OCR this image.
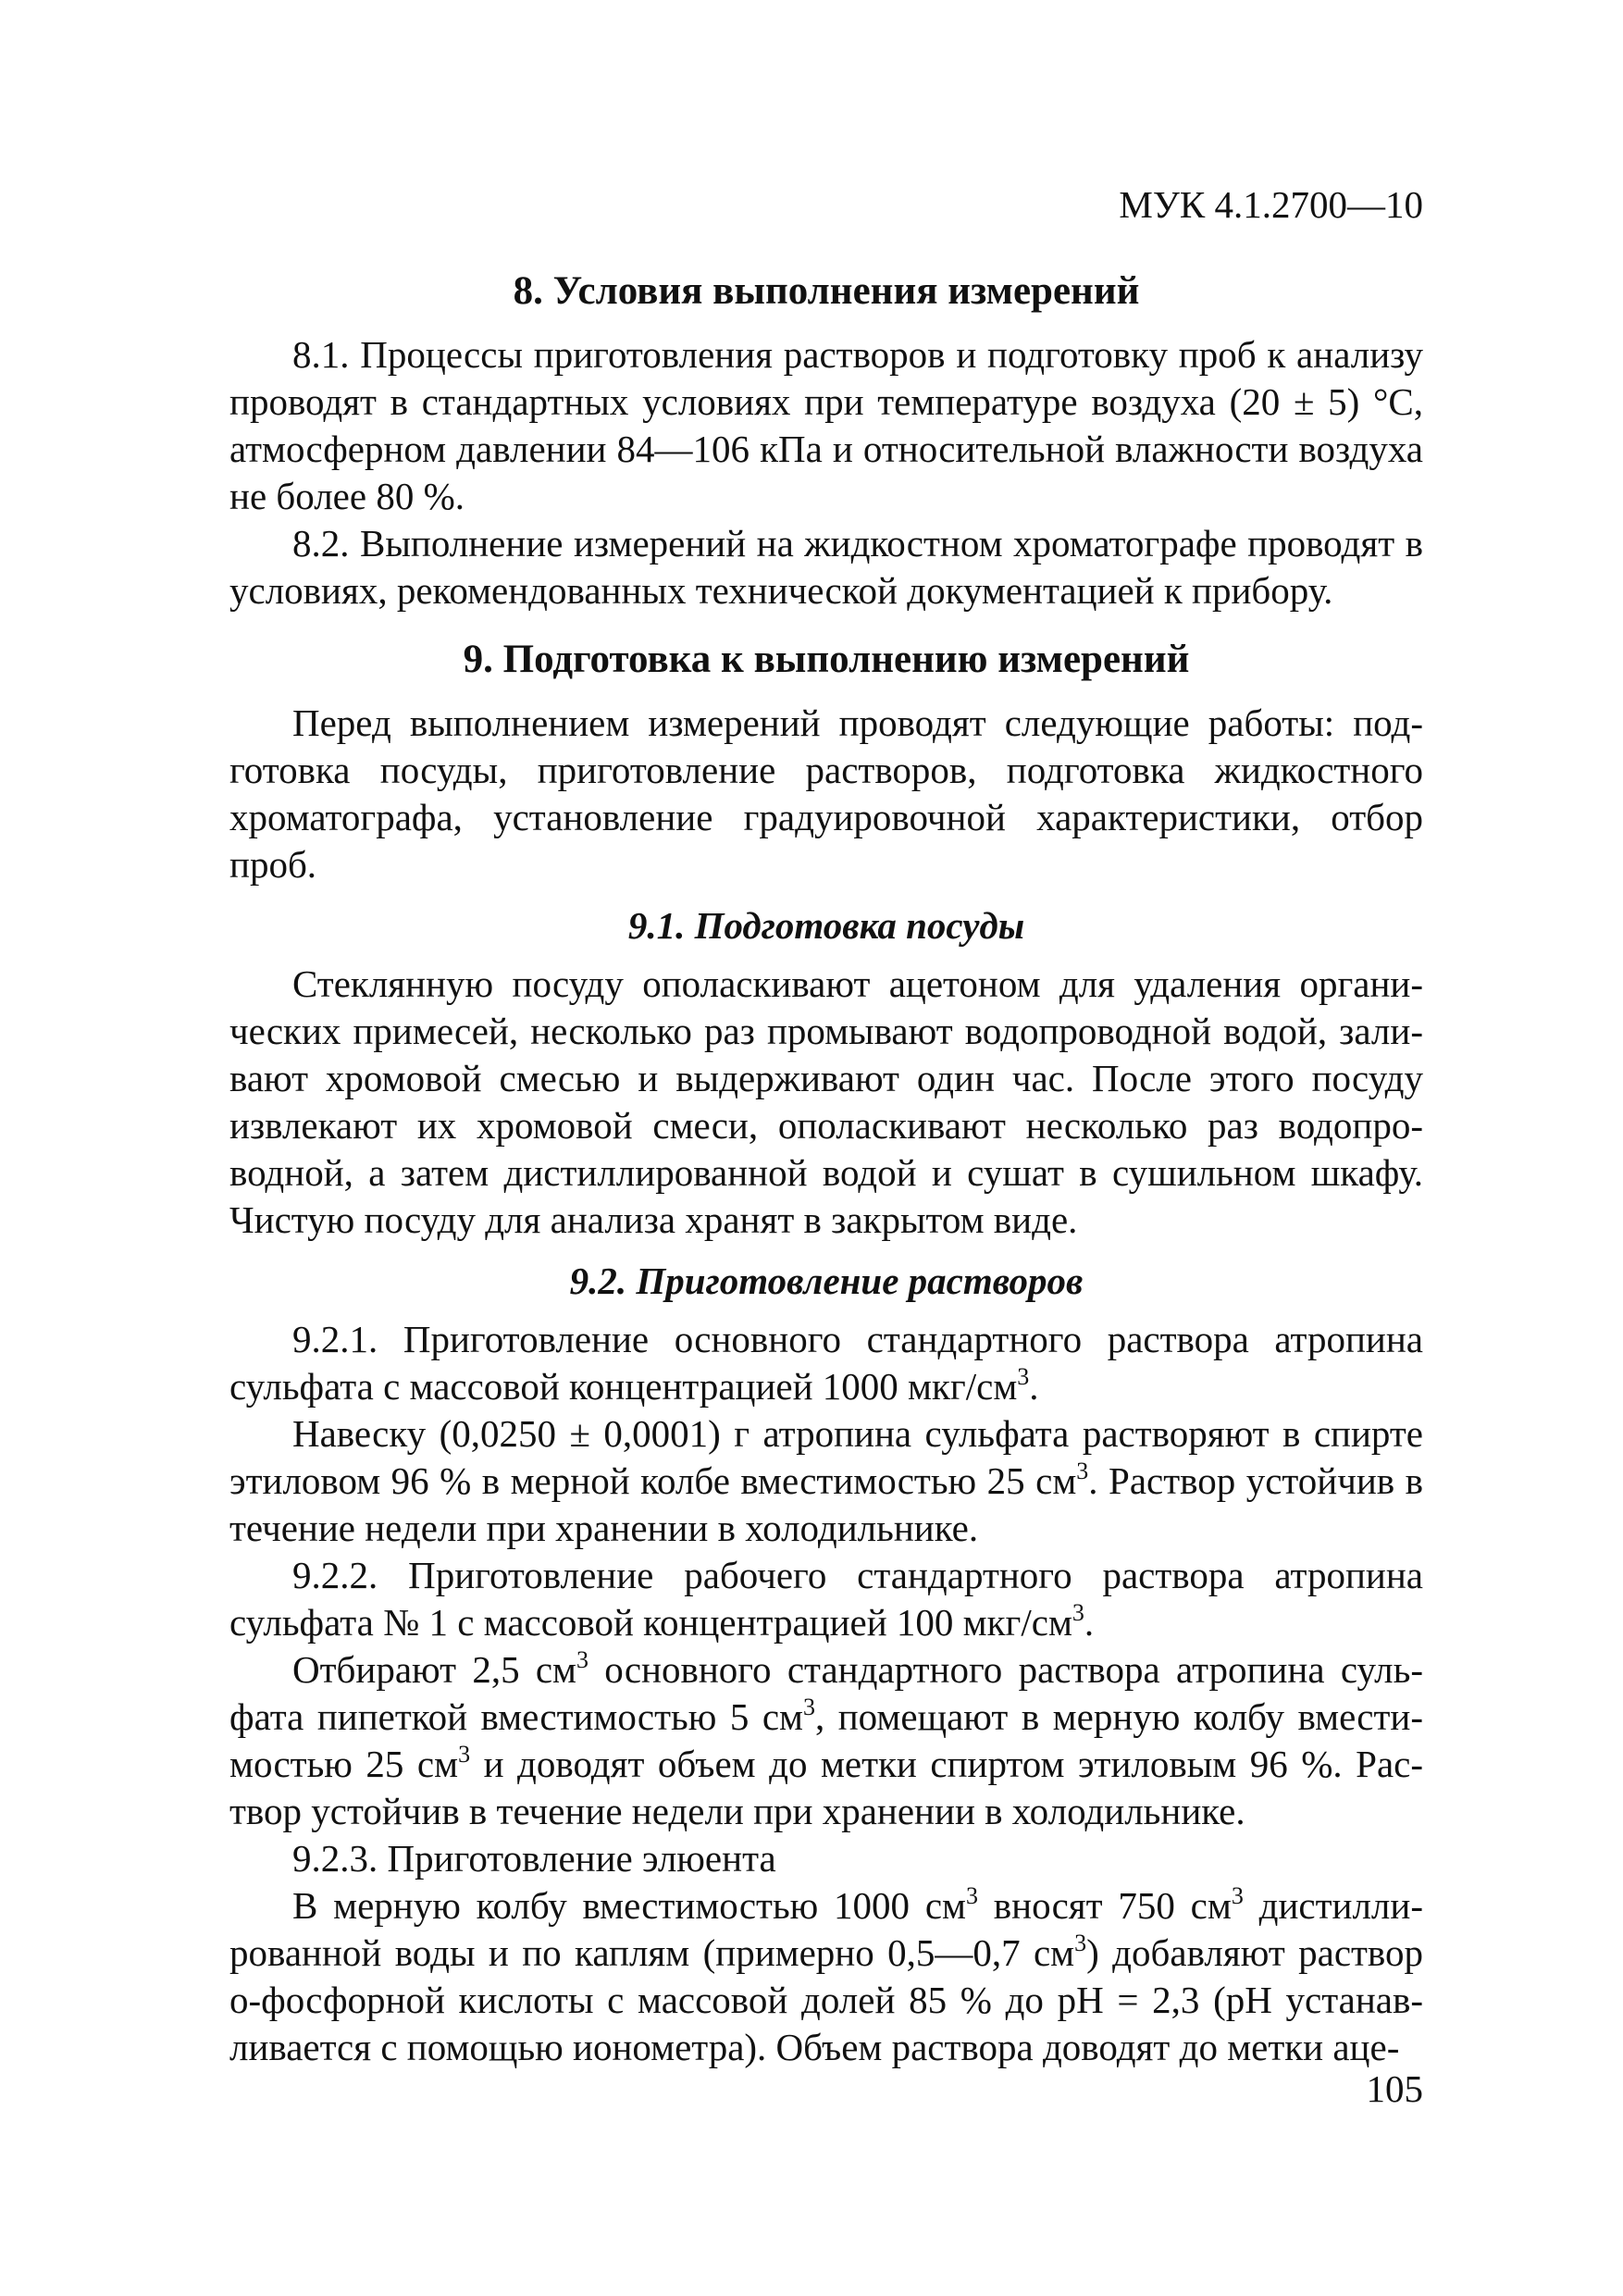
МУК 4.1.2700—10
8. Условия выполнения измерений

8.1. Процессы приготовления растворов и подготовку проб к анализу проводят в стандартных условиях при температуре воздуха (20 ± 5) °С, атмосферном давлении 84—106 кПа и относительной влажности воздуха не более 80 %.

8.2. Выполнение измерений на жидкостном хроматографе проводят в условиях, рекомендованных технической документацией к прибору.

9. Подготовка к выполнению измерений

Перед выполнением измерений проводят следующие работы: подготовка посуды, приготовление растворов, подготовка жидкостного хроматографа, установление градуировочной характеристики, отбор проб.

9.1. Подготовка посуды

Стеклянную посуду ополаскивают ацетоном для удаления органических примесей, несколько раз промывают водопроводной водой, заливают хромовой смесью и выдерживают один час. После этого посуду извлекают их хромовой смеси, ополаскивают несколько раз водопроводной, а затем дистиллированной водой и сушат в сушильном шкафу. Чистую посуду для анализа хранят в закрытом виде.

9.2. Приготовление растворов

9.2.1. Приготовление основного стандартного раствора атропина сульфата с массовой концентрацией 1000 мкг/$см^3$.

Навеску (0,0250 ± 0,0001) г атропина сульфата растворяют в спирте этиловом 96 % в мерной колбе вместимостью 25 $см^3$. Раствор устойчив в течение недели при хранении в холодильнике.

9.2.2. Приготовление рабочего стандартного раствора атропина сульфата № 1 с массовой концентрацией 100 мкг/$см^3$.

Отбирают 2,5 $см^3$ основного стандартного раствора атропина сульфата пипеткой вместимостью 5 $см^3$, помещают в мерную колбу вместимостью 25 $см^3$ и доводят объем до метки спиртом этиловым 96 %. Раствор устойчив в течение недели при хранении в холодильнике.

9.2.3. Приготовление элюента

В мерную колбу вместимостью 1000 $см^3$ вносят 750 $см^3$ дистиллированной воды и по каплям (примерно 0,5—0,7 $см^3$) добавляют раствор о-фосфорной кислоты с массовой долей 85 % до pH = 2,3 (pH устанавливается с помощью ионометра). Объем раствора доводят до метки аце-

105
